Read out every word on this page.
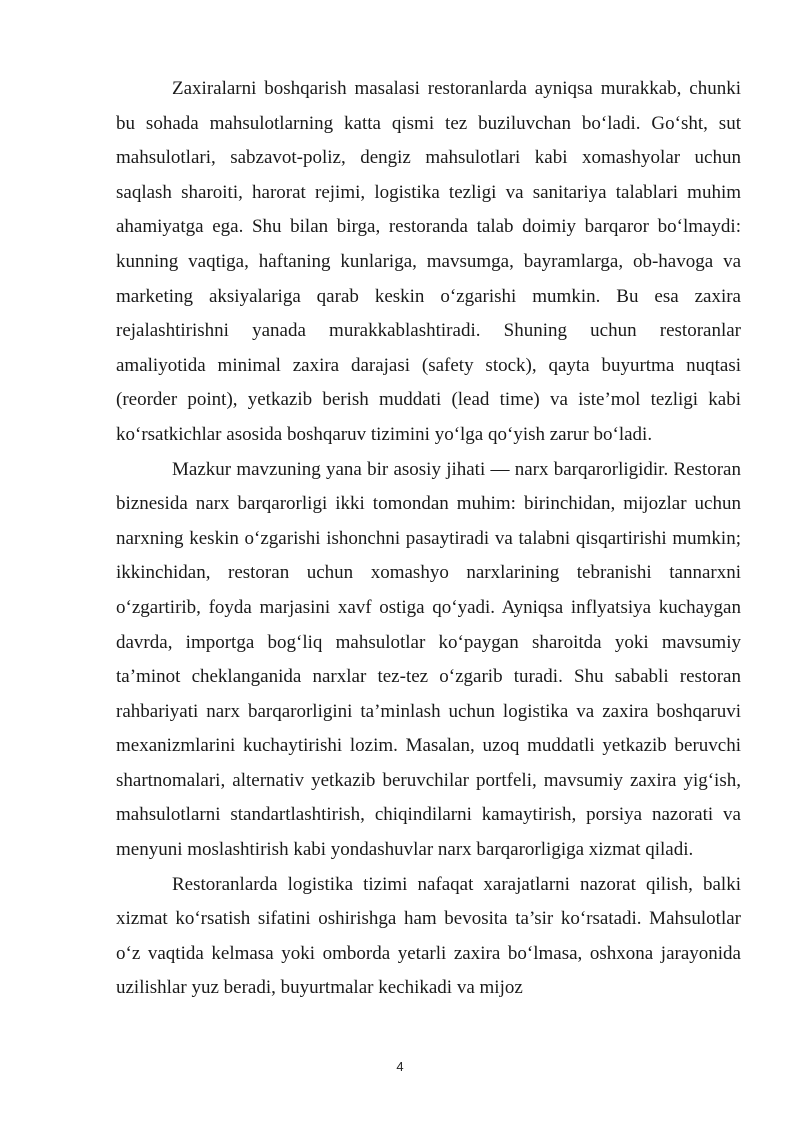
Zaxiralarni boshqarish masalasi restoranlarda ayniqsa murakkab, chunki bu sohada mahsulotlarning katta qismi tez buziluvchan bo‘ladi. Go‘sht, sut mahsulotlari, sabzavot-poliz, dengiz mahsulotlari kabi xomashyolar uchun saqlash sharoiti, harorat rejimi, logistika tezligi va sanitariya talablari muhim ahamiyatga ega. Shu bilan birga, restoranda talab doimiy barqaror bo‘lmaydi: kunning vaqtiga, haftaning kunlariga, mavsumga, bayramlarga, ob-havoga va marketing aksiyalariga qarab keskin o‘zgarishi mumkin. Bu esa zaxira rejalashtirishni yanada murakkablashtiradi. Shuning uchun restoranlar amaliyotida minimal zaxira darajasi (safety stock), qayta buyurtma nuqtasi (reorder point), yetkazib berish muddati (lead time) va iste’mol tezligi kabi ko‘rsatkichlar asosida boshqaruv tizimini yo‘lga qo‘yish zarur bo‘ladi.

Mazkur mavzuning yana bir asosiy jihati — narx barqarorligidir. Restoran biznesida narx barqarorligi ikki tomondan muhim: birinchidan, mijozlar uchun narxning keskin o‘zgarishi ishonchni pasaytiradi va talabni qisqartirishi mumkin; ikkinchidan, restoran uchun xomashyo narxlarining tebranishi tannarxni o‘zgartirib, foyda marjasini xavf ostiga qo‘yadi. Ayniqsa inflyatsiya kuchaygan davrda, importga bog‘liq mahsulotlar ko‘paygan sharoitda yoki mavsumiy ta’minot cheklanganida narxlar tez-tez o‘zgarib turadi. Shu sababli restoran rahbariyati narx barqarorligini ta’minlash uchun logistika va zaxira boshqaruvi mexanizmlarini kuchaytirishi lozim. Masalan, uzoq muddatli yetkazib beruvchi shartnomalari, alternativ yetkazib beruvchilar portfeli, mavsumiy zaxira yig‘ish, mahsulotlarni standartlashtirish, chiqindilarni kamaytirish, porsiya nazorati va menyuni moslashtirish kabi yondashuvlar narx barqarorligiga xizmat qiladi.

Restoranlarda logistika tizimi nafaqat xarajatlarni nazorat qilish, balki xizmat ko‘rsatish sifatini oshirishga ham bevosita ta’sir ko‘rsatadi. Mahsulotlar o‘z vaqtida kelmasa yoki omborda yetarli zaxira bo‘lmasa, oshxona jarayonida uzilishlar yuz beradi, buyurtmalar kechikadi va mijoz

4
